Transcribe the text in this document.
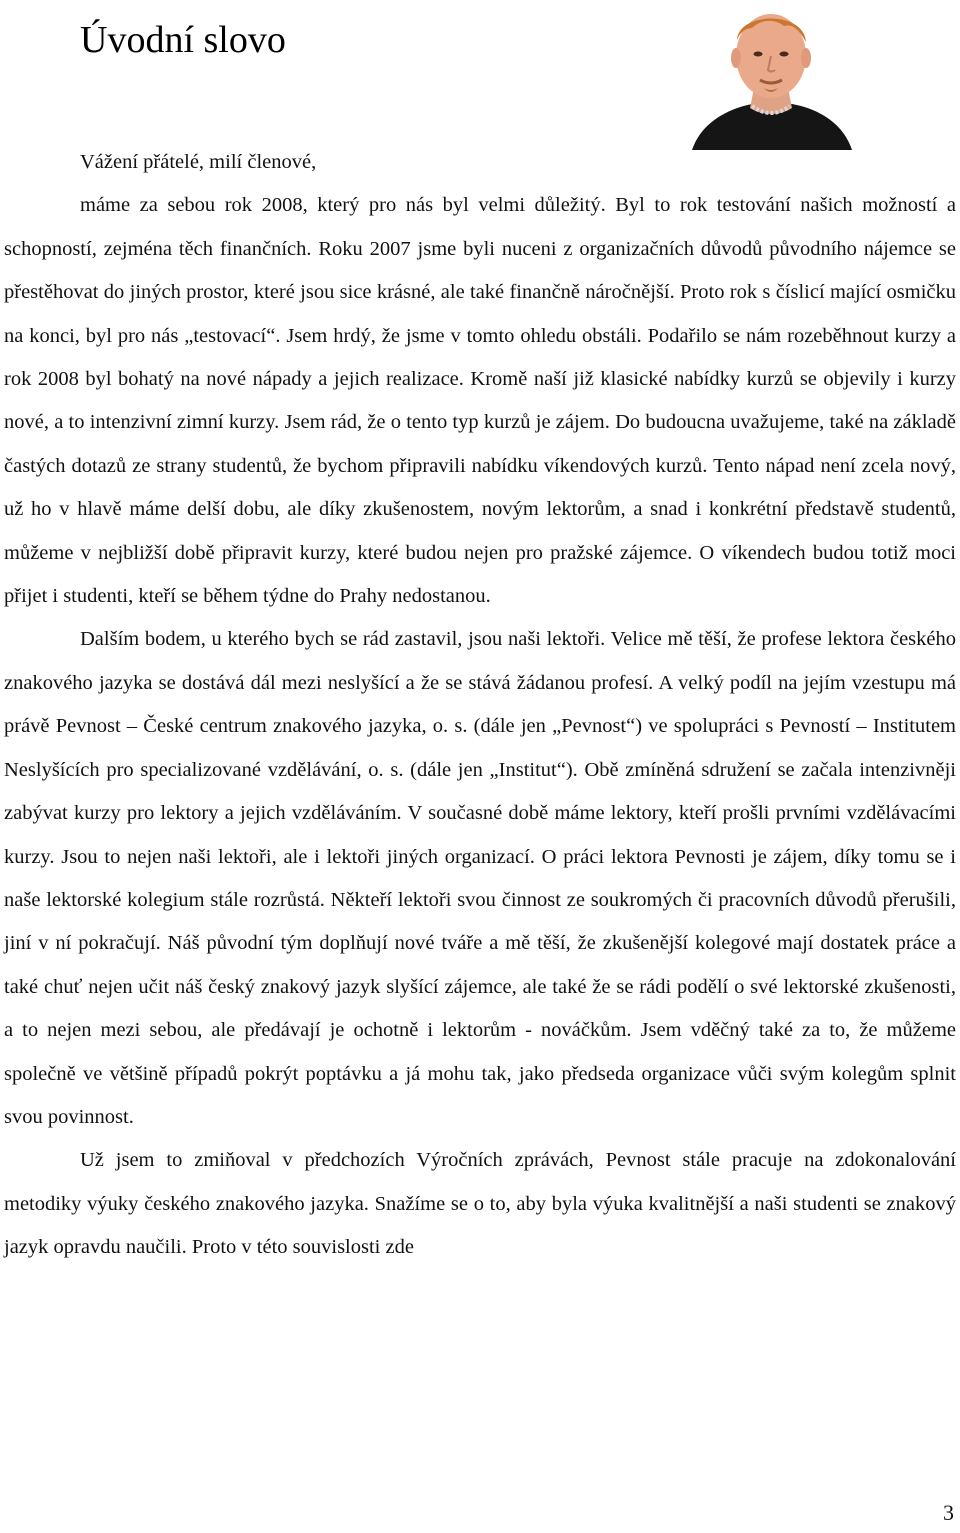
Úvodní slovo

Vážení přátelé, milí členové,

máme za sebou rok 2008, který pro nás byl velmi důležitý. Byl to rok testování našich možností a schopností, zejména těch finančních. Roku 2007 jsme byli nuceni z organizačních důvodů původního nájemce se přestěhovat do jiných prostor, které jsou sice krásné, ale také finančně náročnější. Proto rok s číslicí mající osmičku na konci, byl pro nás „testovací“. Jsem hrdý, že jsme v tomto ohledu obstáli. Podařilo se nám rozeběhnout kurzy a rok 2008 byl bohatý na nové nápady a jejich realizace. Kromě naší již klasické nabídky kurzů se objevily i kurzy nové, a to intenzivní zimní kurzy. Jsem rád, že o tento typ kurzů je zájem. Do budoucna uvažujeme, také na základě častých dotazů ze strany studentů, že bychom připravili nabídku víkendových kurzů. Tento nápad není zcela nový, už ho v hlavě máme delší dobu, ale díky zkušenostem, novým lektorům, a snad i konkrétní představě studentů, můžeme v nejbližší době připravit kurzy, které budou nejen pro pražské zájemce. O víkendech budou totiž moci přijet i studenti, kteří se během týdne do Prahy nedostanou.

Dalším bodem, u kterého bych se rád zastavil, jsou naši lektoři. Velice mě těší, že profese lektora českého znakového jazyka se dostává dál mezi neslyšící a že se stává žádanou profesí. A velký podíl na jejím vzestupu má právě Pevnost – České centrum znakového jazyka, o. s. (dále jen „Pevnost“) ve spolupráci s Pevností – Institutem Neslyšících pro specializované vzdělávání, o. s. (dále jen „Institut“). Obě zmíněná sdružení se začala intenzivněji zabývat kurzy pro lektory a jejich vzděláváním. V současné době máme lektory, kteří prošli prvními vzdělávacími kurzy. Jsou to nejen naši lektoři, ale i lektoři jiných organizací. O práci lektora Pevnosti je zájem, díky tomu se i naše lektorské kolegium stále rozrůstá. Někteří lektoři svou činnost ze soukromých či pracovních důvodů přerušili, jiní v ní pokračují. Náš původní tým doplňují nové tváře a mě těší, že zkušenější kolegové mají dostatek práce a také chuť nejen učit náš český znakový jazyk slyšící zájemce, ale také že se rádi podělí o své lektorské zkušenosti, a to nejen mezi sebou, ale předávají je ochotně i lektorům - nováčkům. Jsem vděčný také za to, že můžeme společně ve většině případů pokrýt poptávku a já mohu tak, jako předseda organizace vůči svým kolegům splnit svou povinnost.

Už jsem to zmiňoval v předchozích Výročních zprávách, Pevnost stále pracuje na zdokonalování metodiky výuky českého znakového jazyka. Snažíme se o to, aby byla výuka kvalitnější a naši studenti se znakový jazyk opravdu naučili. Proto v této souvislosti zde

3
